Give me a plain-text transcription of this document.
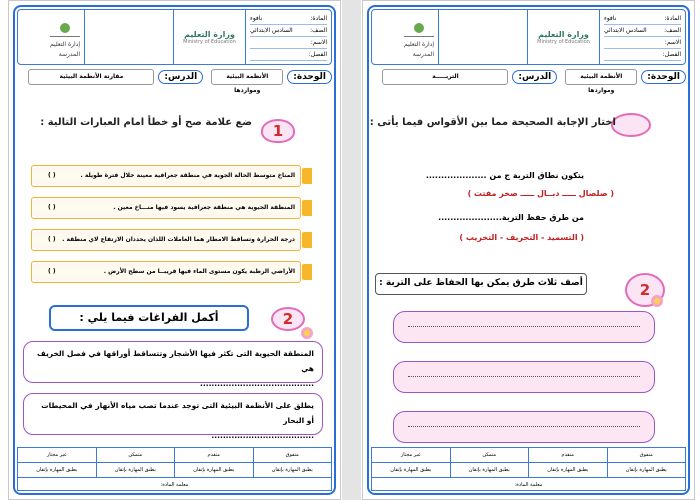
المادة:
نافوء
الصف:
السادس الابتدائي
الاسم:
الفصل:
وزارة التعليم
Ministry of Education
إدارة التعليم
المدرسة
الوحدة:
الأنظمة البيئية ومواردها
الدرس:
مقارنة الأنظمة البيئية
1
ضع علامة صح أو خطأ امام العبارات التالية :
المناخ متوسط الحالة الجوية في منطقة جغرافية معينة خلال فترة طويلة .
( )
المنطقة الحيوية هي منطقة جغرافية يسود فيها منـــاخ معين .
( )
درجة الحرارة وتساقط الامطار هما العاملات اللذان يحددان الارتفاع لاي منطقة .
( )
الأراضي الرطبة يكون مستوى الماء فيها قريبــا من سطح الأرض .
( )
أكمل الفراغات فيما يلي :	2
المنطقة الحيوية التى تكثر فيها الأشجار وتتساقط أوراقها في فصل الخريف هي
........................................
يطلق على الأنظمة البيئية التى توجد عندما تصب مياه الأنهار في المحيطات أو البحار
....................................
متفوق
متقدم
متمكن
غير مجتاز
يطبق المهارة بإتقان
يطبق المهارة بإتقان
يطبق المهارة بإتقان
يطبق المهارة بإتقان
معلمة المادة:
المادة:
نافوء
الصف:
السادس الابتدائي
الاسم:
الفصل:
وزارة التعليم
Ministry of Education
إدارة التعليم
المدرسة
الوحدة:
الأنظمة البيئية ومواردها
الدرس:
التربـــــة
اختار الإجابة الصحيحة مما بين الأقواس فيما يأتى :
يتكون نطاق التربة ج من ....................
( صلصال ـــــ دبــال ـــــ صخر مفتت )
من طرق حفظ التربة.....................
( التسميد - التجريف - التخريب )
أصف ثلاث طرق يمكن بها الحفاظ على التربة :	2
متفوق
متقدم
متمكن
غير مجتاز
يطبق المهارة بإتقان
يطبق المهارة بإتقان
يطبق المهارة بإتقان
يطبق المهارة بإتقان
معلمة المادة:
